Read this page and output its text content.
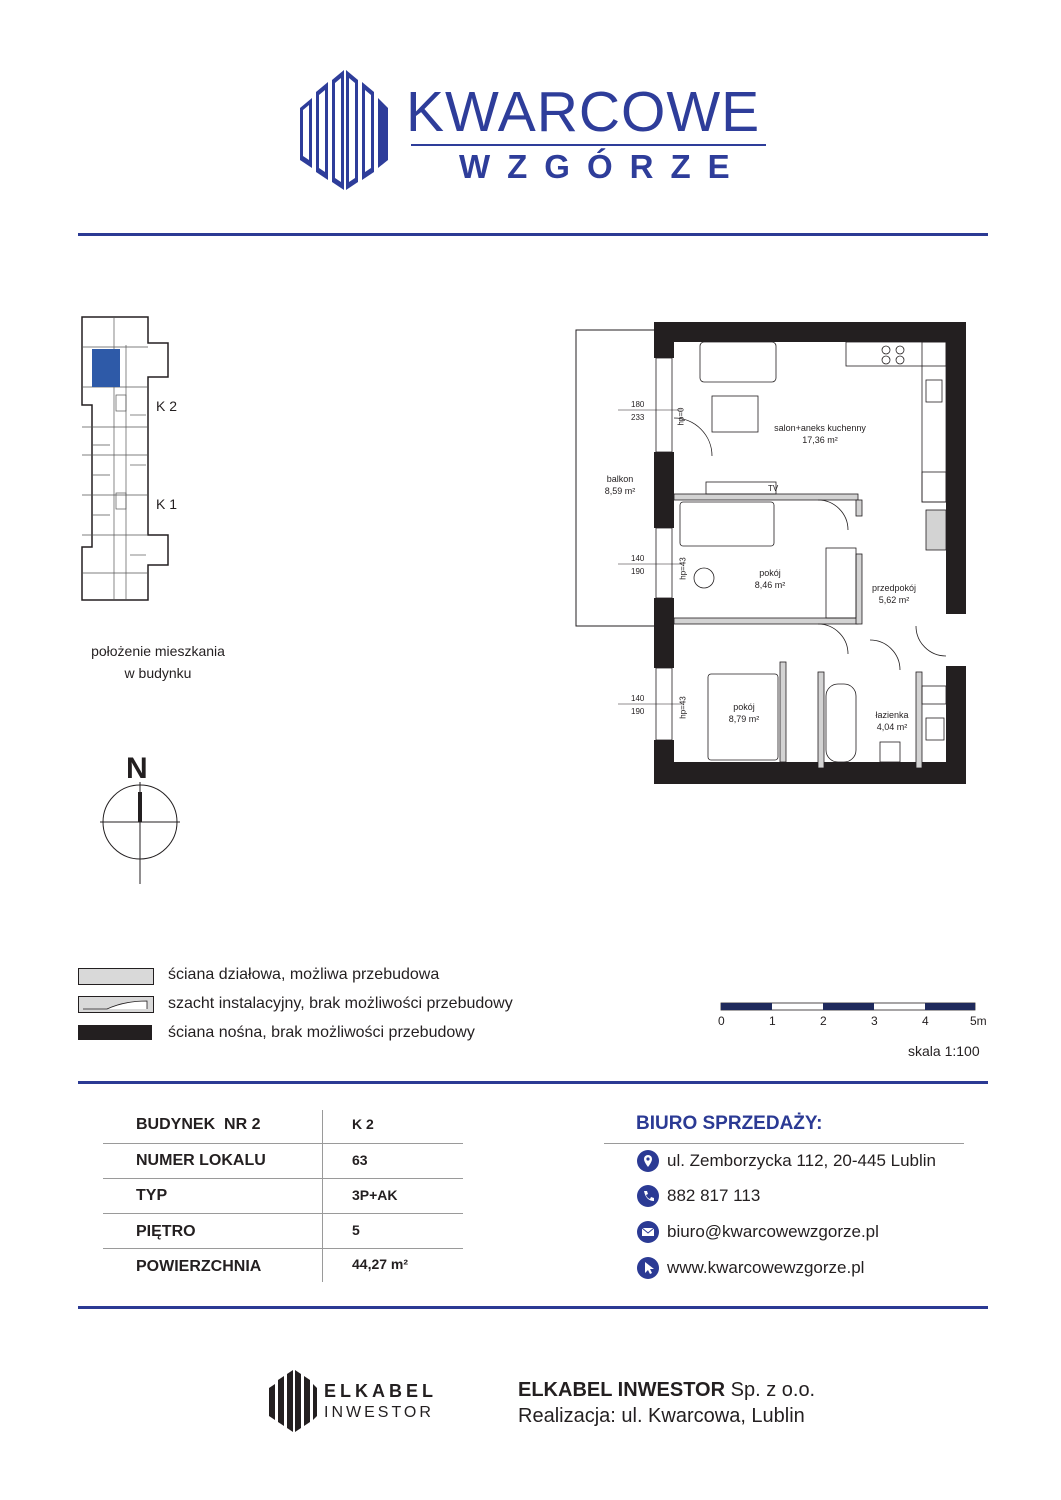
KWARCOWE
WZGÓRZE
K 2
K 1
położenie mieszkania
w budynku
N
salon+aneks kuchenny
17,36 m²
balkon
8,59 m²
pokój
8,46 m²	przedpokój
5,62 m²
pokój
8,79 m²	łazienka
4,04 m²
180
233	hp=0
140
190	hp=43
140
190	hp=43
TV
ściana działowa, możliwa przebudowa
szacht instalacyjny, brak możliwości przebudowy
ściana nośna, brak możliwości przebudowy
0	1	2	3	4	5m
skala 1:100
BUDYNEK  NR 2	K 2
NUMER LOKALU	63
TYP	3P+AK
PIĘTRO	5
POWIERZCHNIA	44,27 m²
BIURO SPRZEDAŻY:
ul. Zemborzycka 112, 20-445 Lublin
882 817 113
biuro@kwarcowewzgorze.pl
www.kwarcowewzgorze.pl
ELKABEL
INWESTOR
ELKABEL INWESTOR Sp. z o.o.
Realizacja: ul. Kwarcowa, Lublin
